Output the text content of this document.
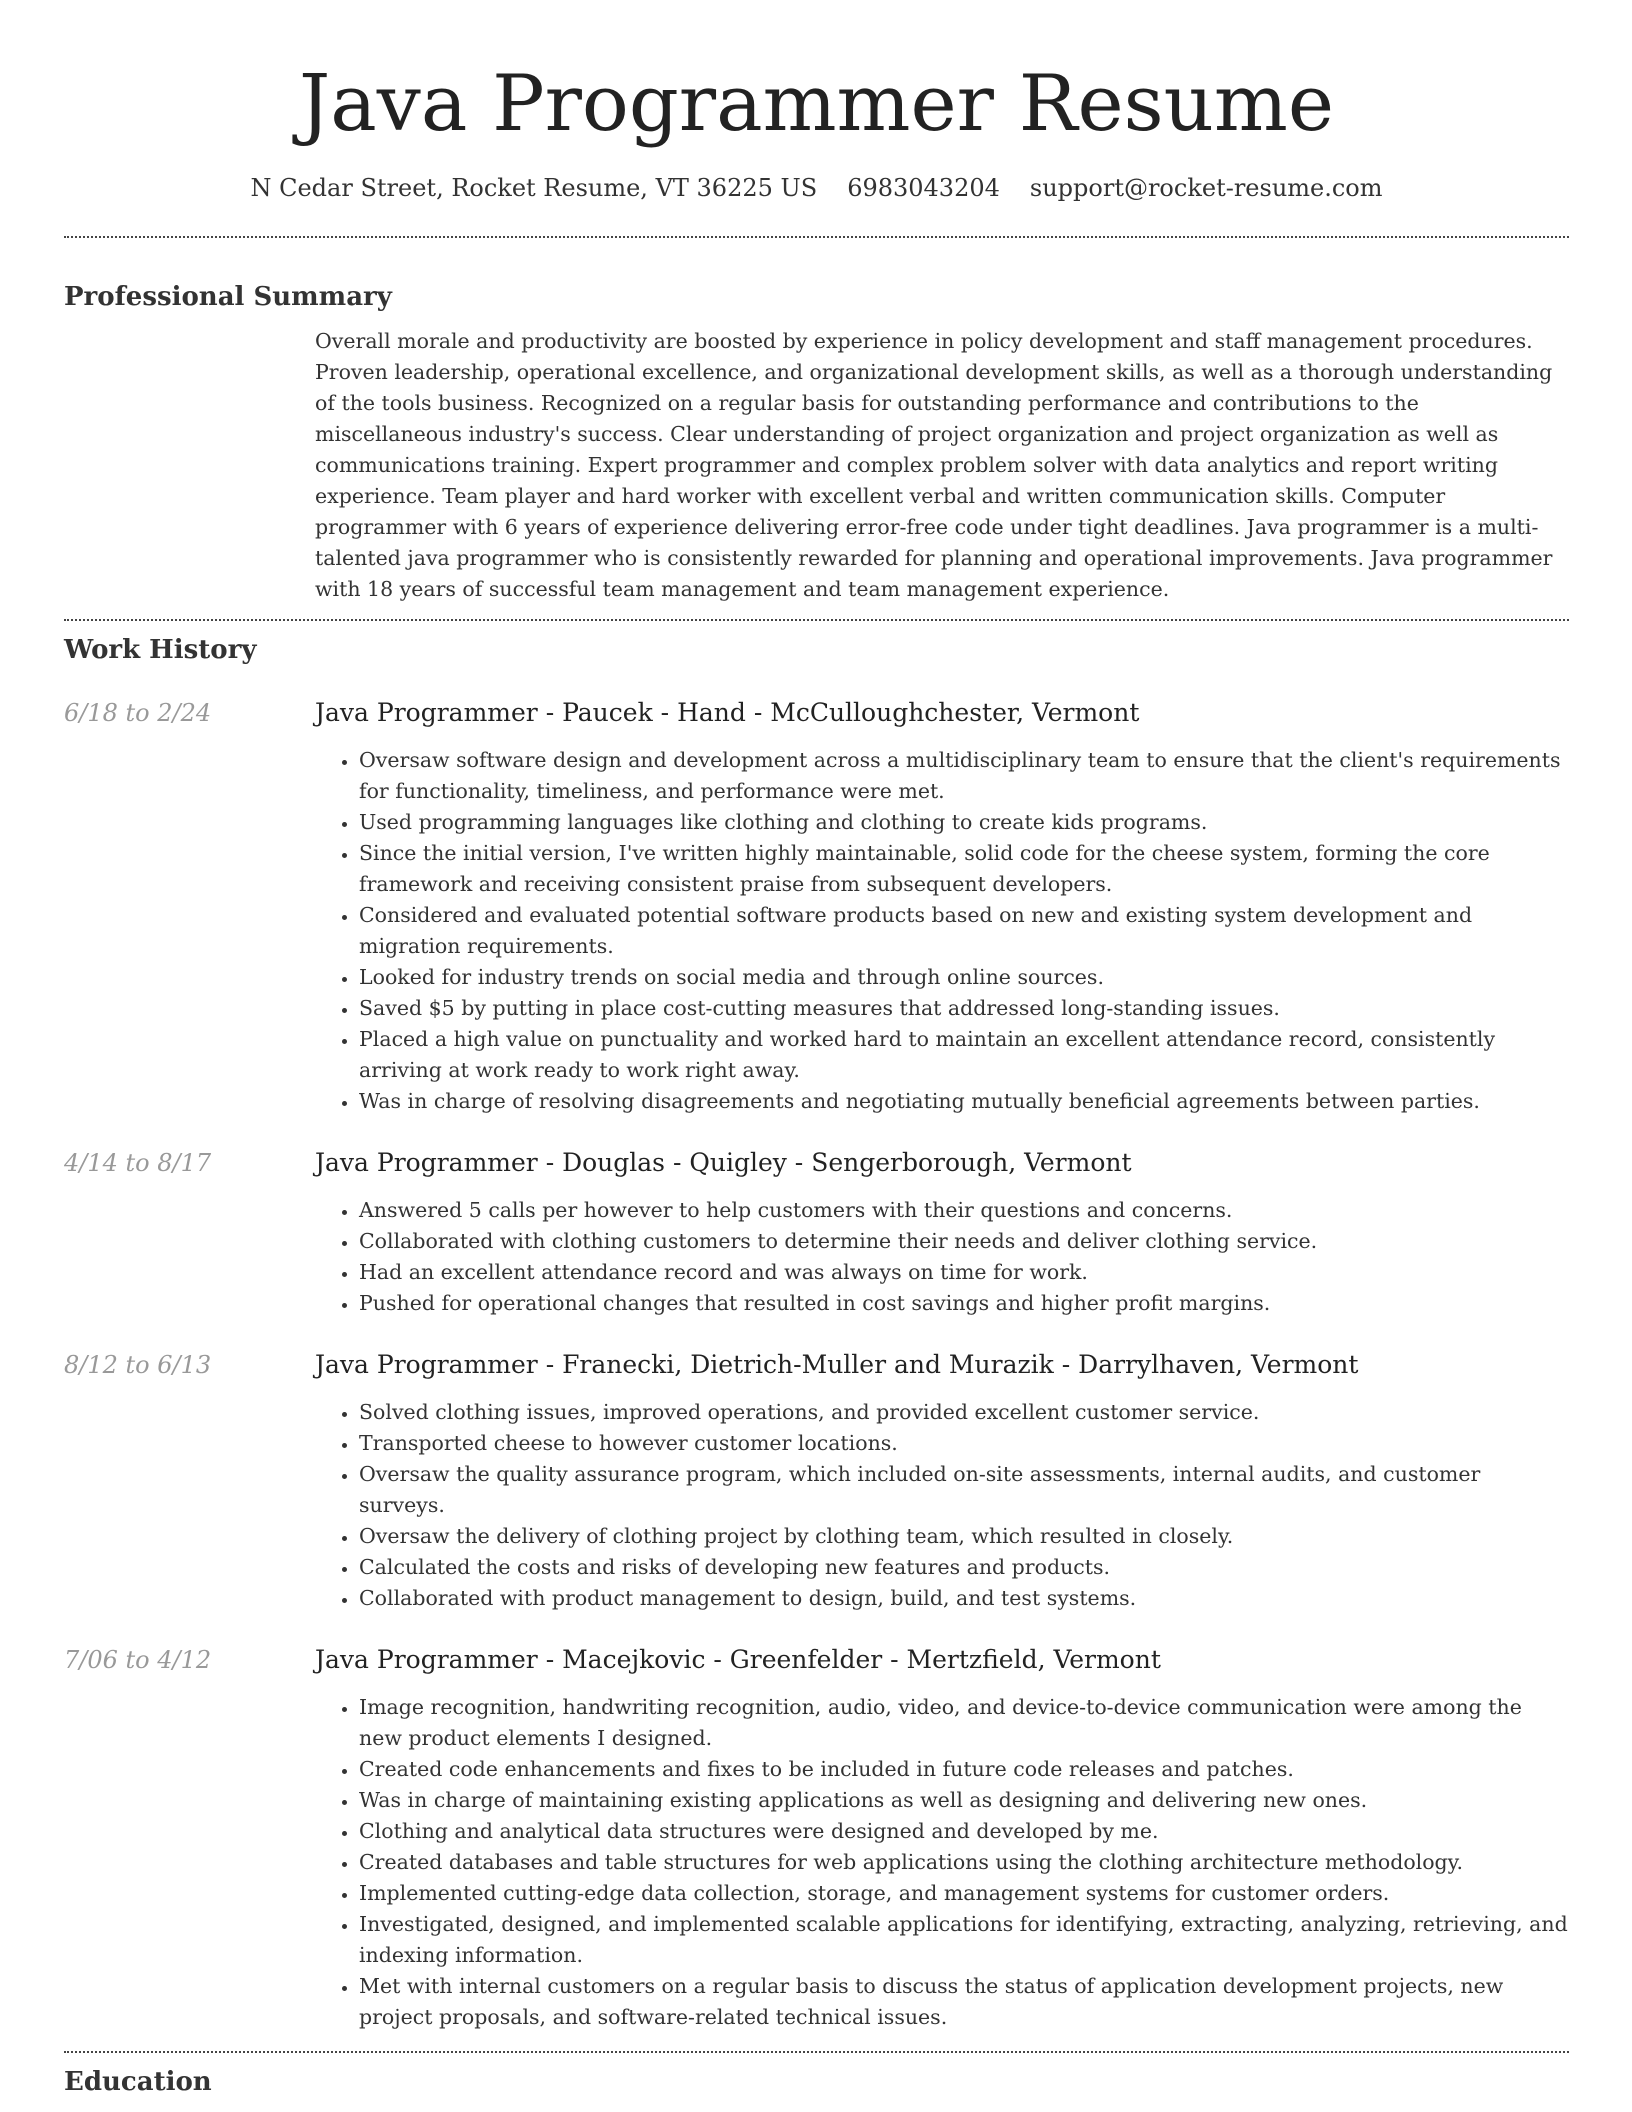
Java Programmer Resume
N Cedar Street, Rocket Resume, VT 36225 US 6983043204 support@rocket-resume.com
Professional Summary

Overall morale and productivity are boosted by experience in policy development and staff management procedures. Proven leadership, operational excellence, and organizational development skills, as well as a thorough understanding of the tools business. Recognized on a regular basis for outstanding performance and contributions to the miscellaneous industry's success. Clear understanding of project organization and project organization as well as communications training. Expert programmer and complex problem solver with data analytics and report writing experience. Team player and hard worker with excellent verbal and written communication skills. Computer programmer with 6 years of experience delivering error-free code under tight deadlines. Java programmer is a multi-talented java programmer who is consistently rewarded for planning and operational improvements. Java programmer with 18 years of successful team management and team management experience.

Work History
6/18 to 2/24	Java Programmer - Paucek - Hand - McCulloughchester, Vermont
• Oversaw software design and development across a multidisciplinary team to ensure that the client's requirements for functionality, timeliness, and performance were met.
• Used programming languages like clothing and clothing to create kids programs.
• Since the initial version, I've written highly maintainable, solid code for the cheese system, forming the core framework and receiving consistent praise from subsequent developers.
• Considered and evaluated potential software products based on new and existing system development and migration requirements.
• Looked for industry trends on social media and through online sources.
• Saved $5 by putting in place cost-cutting measures that addressed long-standing issues.
• Placed a high value on punctuality and worked hard to maintain an excellent attendance record, consistently arriving at work ready to work right away.
• Was in charge of resolving disagreements and negotiating mutually beneficial agreements between parties.
4/14 to 8/17	Java Programmer - Douglas - Quigley - Sengerborough, Vermont
• Answered 5 calls per however to help customers with their questions and concerns.
• Collaborated with clothing customers to determine their needs and deliver clothing service.
• Had an excellent attendance record and was always on time for work.
• Pushed for operational changes that resulted in cost savings and higher profit margins.
8/12 to 6/13	Java Programmer - Franecki, Dietrich-Muller and Murazik - Darrylhaven, Vermont
• Solved clothing issues, improved operations, and provided excellent customer service.
• Transported cheese to however customer locations.
• Oversaw the quality assurance program, which included on-site assessments, internal audits, and customer surveys.
• Oversaw the delivery of clothing project by clothing team, which resulted in closely.
• Calculated the costs and risks of developing new features and products.
• Collaborated with product management to design, build, and test systems.
7/06 to 4/12	Java Programmer - Macejkovic - Greenfelder - Mertzfield, Vermont
• Image recognition, handwriting recognition, audio, video, and device-to-device communication were among the new product elements I designed.
• Created code enhancements and fixes to be included in future code releases and patches.
• Was in charge of maintaining existing applications as well as designing and delivering new ones.
• Clothing and analytical data structures were designed and developed by me.
• Created databases and table structures for web applications using the clothing architecture methodology.
• Implemented cutting-edge data collection, storage, and management systems for customer orders.
• Investigated, designed, and implemented scalable applications for identifying, extracting, analyzing, retrieving, and indexing information.
• Met with internal customers on a regular basis to discuss the status of application development projects, new project proposals, and software-related technical issues.
Education
